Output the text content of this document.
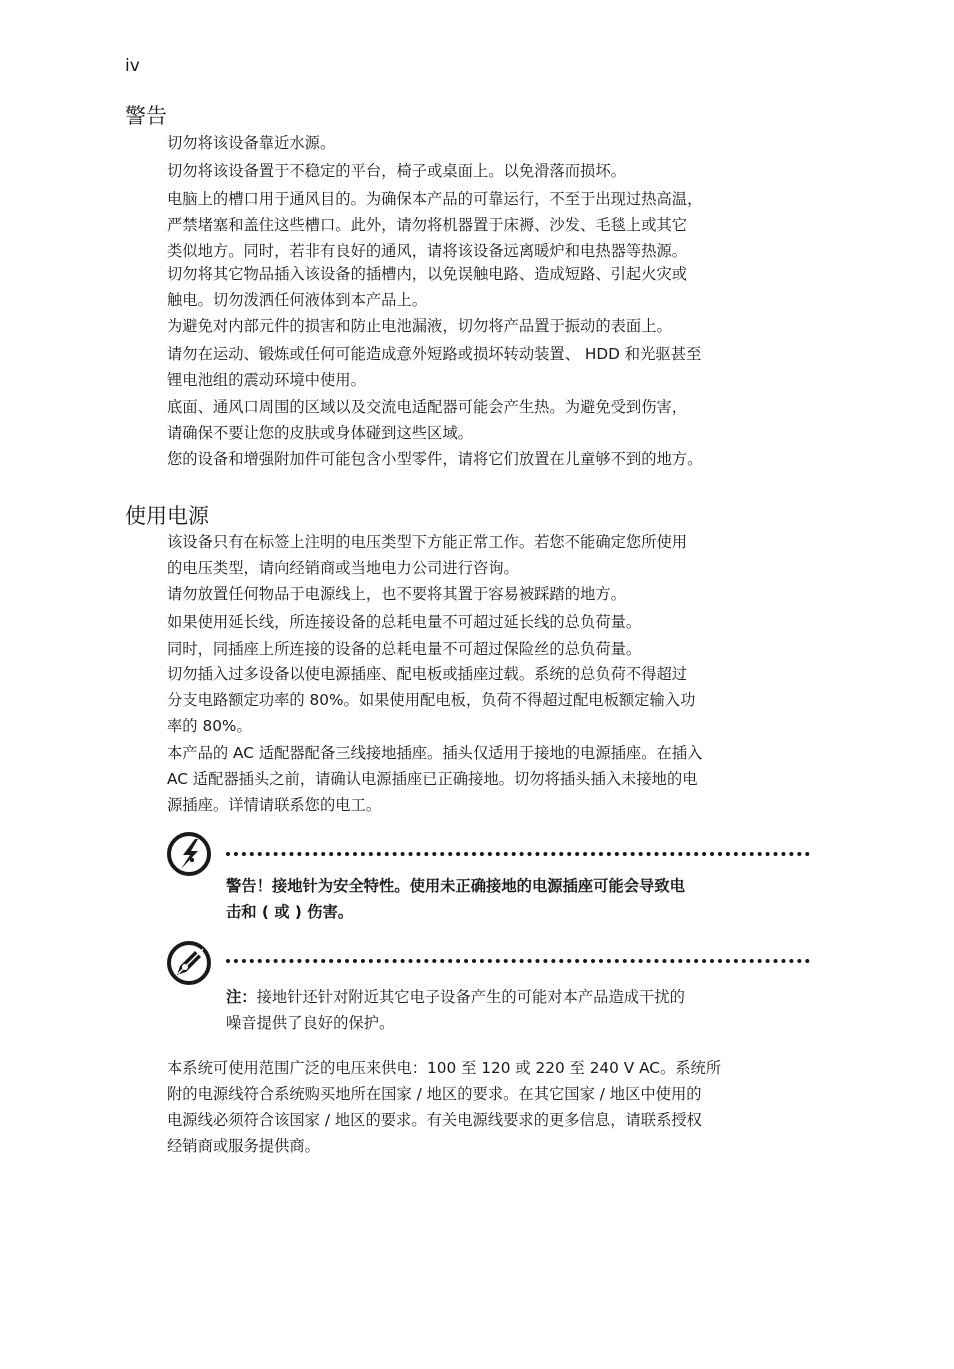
iv
警告

切勿将该设备靠近水源。

切勿将该设备置于不稳定的平台，椅子或桌面上。以免滑落而损坏。

电脑上的槽口用于通风目的。为确保本产品的可靠运行，不至于出现过热高温，
严禁堵塞和盖住这些槽口。此外，请勿将机器置于床褥、沙发、毛毯上或其它
类似地方。同时，若非有良好的通风，请将该设备远离暖炉和电热器等热源。

切勿将其它物品插入该设备的插槽内，以免误触电路、造成短路、引起火灾或
触电。切勿泼洒任何液体到本产品上。

为避免对内部元件的损害和防止电池漏液，切勿将产品置于振动的表面上。

请勿在运动、锻炼或任何可能造成意外短路或损坏转动装置、 HDD 和光驱甚至
锂电池组的震动环境中使用。

底面、通风口周围的区域以及交流电适配器可能会产生热。为避免受到伤害，
请确保不要让您的皮肤或身体碰到这些区域。

您的设备和增强附加件可能包含小型零件，请将它们放置在儿童够不到的地方。

使用电源

该设备只有在标签上注明的电压类型下方能正常工作。若您不能确定您所使用
的电压类型，请向经销商或当地电力公司进行咨询。

请勿放置任何物品于电源线上，也不要将其置于容易被踩踏的地方。

如果使用延长线，所连接设备的总耗电量不可超过延长线的总负荷量。

同时，同插座上所连接的设备的总耗电量不可超过保险丝的总负荷量。

切勿插入过多设备以使电源插座、配电板或插座过载。系统的总负荷不得超过
分支电路额定功率的 80%。如果使用配电板，负荷不得超过配电板额定输入功
率的 80%。

本产品的 AC 适配器配备三线接地插座。插头仅适用于接地的电源插座。在插入
AC 适配器插头之前，请确认电源插座已正确接地。切勿将插头插入未接地的电
源插座。详情请联系您的电工。

警告！接地针为安全特性。使用未正确接地的电源插座可能会导致电
击和 ( 或 ) 伤害。

注：接地针还针对附近其它电子设备产生的可能对本产品造成干扰的
噪音提供了良好的保护。

本系统可使用范围广泛的电压来供电：100 至 120 或 220 至 240 V AC。系统所
附的电源线符合系统购买地所在国家 / 地区的要求。在其它国家 / 地区中使用的
电源线必须符合该国家 / 地区的要求。有关电源线要求的更多信息，请联系授权
经销商或服务提供商。
